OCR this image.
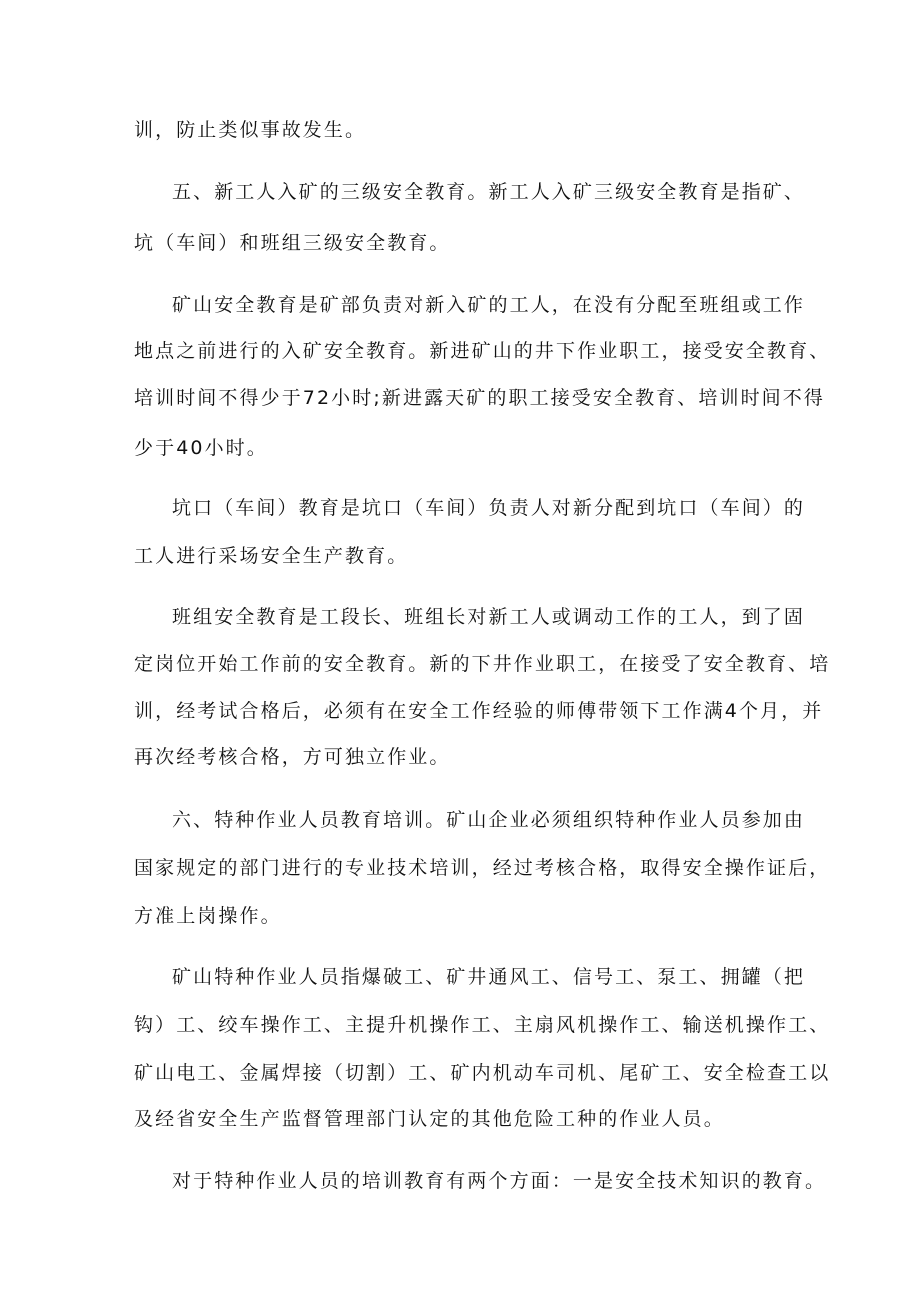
训，防止类似事故发生。
五、新工人入矿的三级安全教育。新工人入矿三级安全教育是指矿、
坑（车间）和班组三级安全教育。
矿山安全教育是矿部负责对新入矿的工人，在没有分配至班组或工作
地点之前进行的入矿安全教育。新进矿山的井下作业职工，接受安全教育、
培训时间不得少于72小时;新进露天矿的职工接受安全教育、培训时间不得
少于40小时。
坑口（车间）教育是坑口（车间）负责人对新分配到坑口（车间）的
工人进行采场安全生产教育。
班组安全教育是工段长、班组长对新工人或调动工作的工人，到了固
定岗位开始工作前的安全教育。新的下井作业职工，在接受了安全教育、培
训，经考试合格后，必须有在安全工作经验的师傅带领下工作满4个月，并
再次经考核合格，方可独立作业。
六、特种作业人员教育培训。矿山企业必须组织特种作业人员参加由
国家规定的部门进行的专业技术培训，经过考核合格，取得安全操作证后，
方准上岗操作。
矿山特种作业人员指爆破工、矿井通风工、信号工、泵工、拥罐（把
钩）工、绞车操作工、主提升机操作工、主扇风机操作工、输送机操作工、
矿山电工、金属焊接（切割）工、矿内机动车司机、尾矿工、安全检查工以
及经省安全生产监督管理部门认定的其他危险工种的作业人员。
对于特种作业人员的培训教育有两个方面：一是安全技术知识的教育。
